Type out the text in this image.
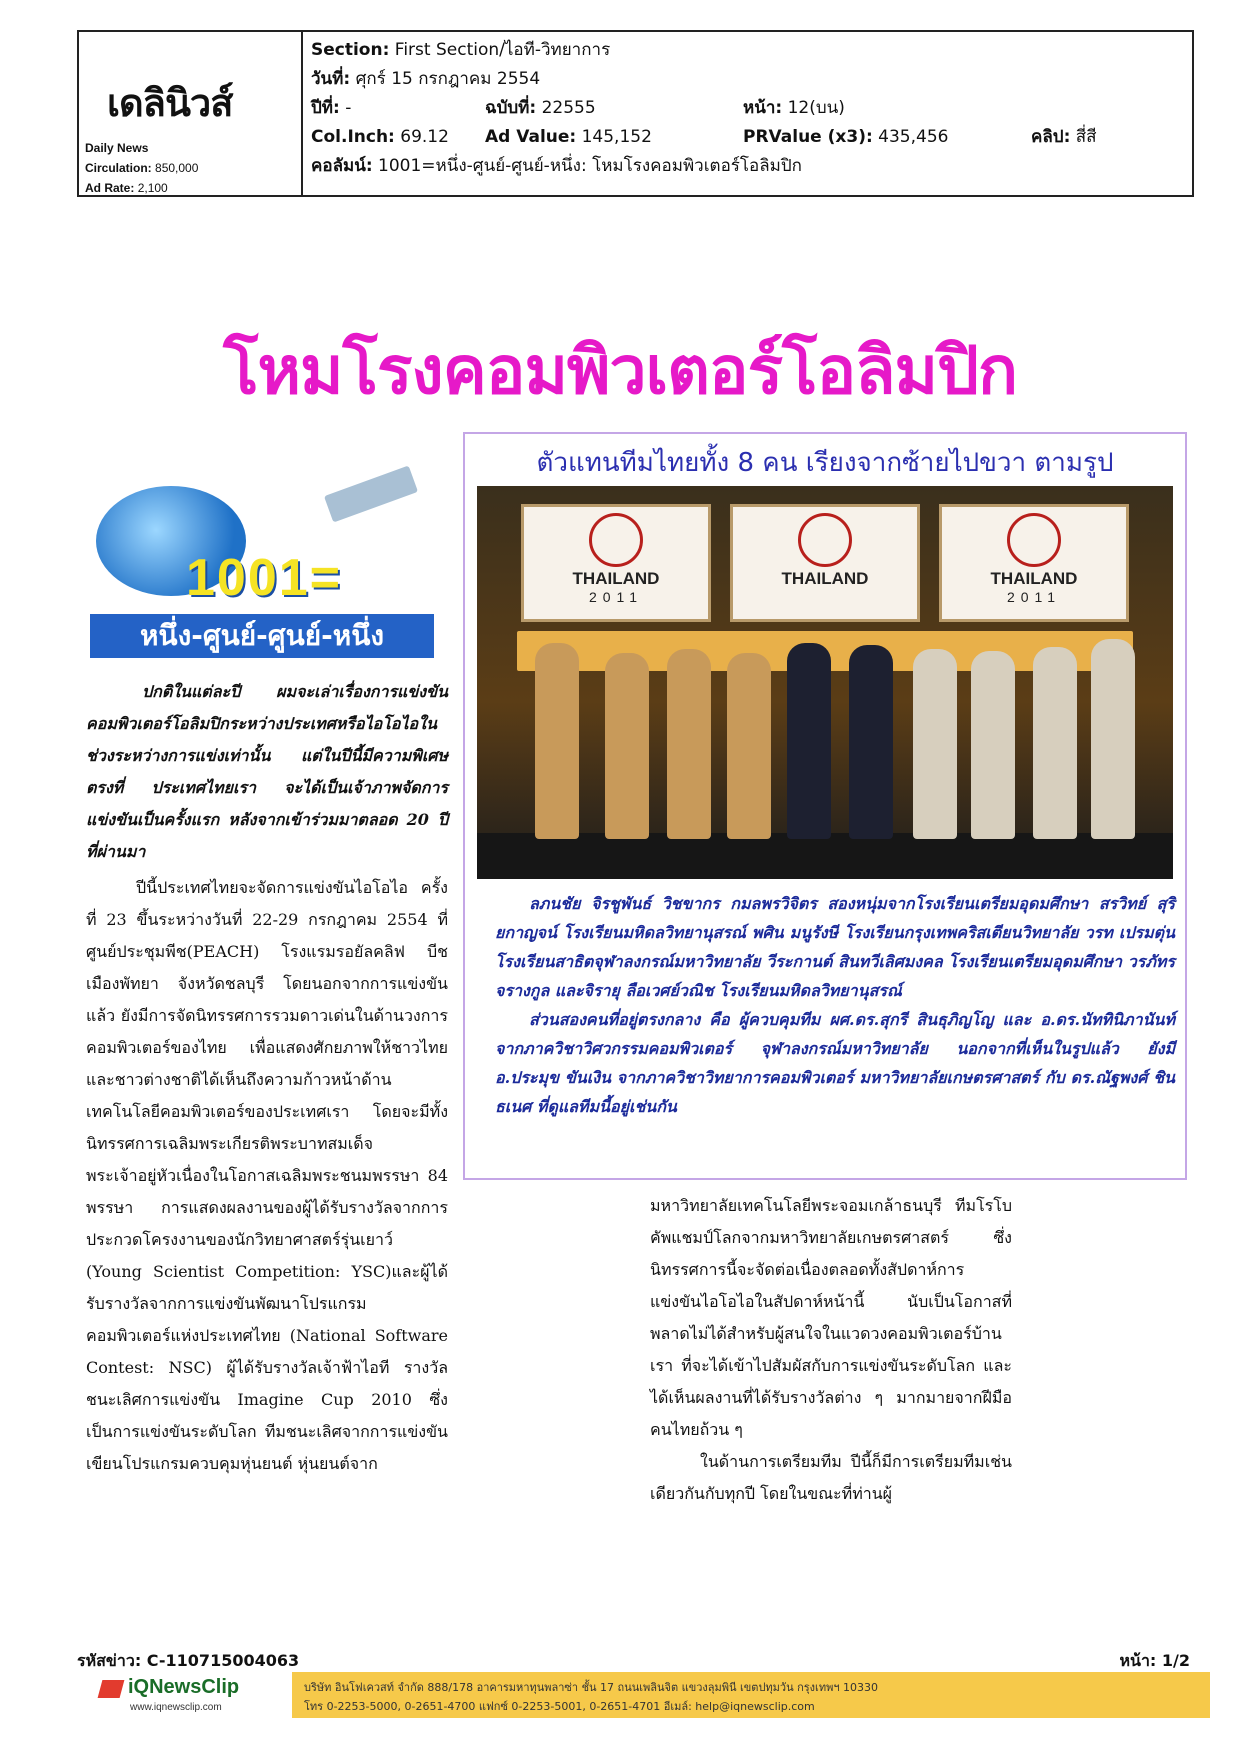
เดลินิวส์
Daily News
Circulation: 850,000
Ad Rate: 2,100
Section: First Section/ไอที-วิทยาการ
วันที่: ศุกร์ 15 กรกฎาคม 2554
ปีที่: -	ฉบับที่: 22555	หน้า: 12(บน)
Col.Inch: 69.12 Ad Value: 145,152	PRValue (x3): 435,456	คลิป: สี่สี
คอลัมน์: 1001=หนึ่ง-ศูนย์-ศูนย์-หนึ่ง: โหมโรงคอมพิวเตอร์โอลิมปิก
โหมโรงคอมพิวเตอร์โอลิมปิก
1001=
หนึ่ง-ศูนย์-ศูนย์-หนึ่ง

ปกติในแต่ละปี ผมจะเล่าเรื่องการแข่งขันคอมพิวเตอร์โอลิมปิกระหว่างประเทศหรือไอโอไอในช่วงระหว่างการแข่งเท่านั้น แต่ในปีนี้มีความพิเศษตรงที่ ประเทศไทยเรา จะได้เป็นเจ้าภาพจัดการแข่งขันเป็นครั้งแรก หลังจากเข้าร่วมมาตลอด 20 ปีที่ผ่านมา

ปีนี้ประเทศไทยจะจัดการแข่งขันไอโอไอ ครั้งที่ 23 ขึ้นระหว่างวันที่ 22-29 กรกฎาคม 2554 ที่ศูนย์ประชุมพีช(PEACH) โรงแรมรอยัลคลิฟ บีช เมืองพัทยา จังหวัดชลบุรี โดยนอกจากการแข่งขันแล้ว ยังมีการจัดนิทรรศการรวมดาวเด่นในด้านวงการคอมพิวเตอร์ของไทย เพื่อแสดงศักยภาพให้ชาวไทยและชาวต่างชาติได้เห็นถึงความก้าวหน้าด้านเทคโนโลยีคอมพิวเตอร์ของประเทศเรา โดยจะมีทั้งนิทรรศการเฉลิมพระเกียรติพระบาทสมเด็จพระเจ้าอยู่หัวเนื่องในโอกาสเฉลิมพระชนมพรรษา 84 พรรษา การแสดงผลงานของผู้ได้รับรางวัลจากการประกวดโครงงานของนักวิทยาศาสตร์รุ่นเยาว์ (Young Scientist Competition: YSC)และผู้ได้รับรางวัลจากการแข่งขันพัฒนาโปรแกรมคอมพิวเตอร์แห่งประเทศไทย (National Software Contest: NSC) ผู้ได้รับรางวัลเจ้าฟ้าไอที รางวัลชนะเลิศการแข่งขัน Imagine Cup 2010 ซึ่งเป็นการแข่งขันระดับโลก ทีมชนะเลิศจากการแข่งขันเขียนโปรแกรมควบคุมหุ่นยนต์ หุ่นยนต์จาก

ตัวแทนทีมไทยทั้ง 8 คน เรียงจากซ้ายไปขวา ตามรูป
THAILAND
2011
THAILAND	THAILAND
2011

ลภนชัย จิรชูพันธ์ วิชขากร กมลพรวิจิตร สองหนุ่มจากโรงเรียนเตรียมอุดมศึกษา สรวิทย์ สุริยกาญจน์ โรงเรียนมหิดลวิทยานุสรณ์ พศิน มนูรังษี โรงเรียนกรุงเทพคริสเตียนวิทยาลัย วรท เปรมตุ่น โรงเรียนสาธิตจุฬาลงกรณ์มหาวิทยาลัย วีระกานต์ สินทวีเลิศมงคล โรงเรียนเตรียมอุดมศึกษา วรภัทร จรางกูล และจิรายุ ลือเวศย์วณิช โรงเรียนมหิดลวิทยานุสรณ์

ส่วนสองคนที่อยู่ตรงกลาง คือ ผู้ควบคุมทีม ผศ.ดร.สุกรี สินธุภิญโญ และ อ.ดร.นัททินิภานันท์ จากภาควิชาวิศวกรรมคอมพิวเตอร์ จุฬาลงกรณ์มหาวิทยาลัย นอกจากที่เห็นในรูปแล้ว ยังมี อ.ประมุข ขันเงิน จากภาควิชาวิทยาการคอมพิวเตอร์ มหาวิทยาลัยเกษตรศาสตร์ กับ ดร.ณัฐพงศ์ ชินธเนศ ที่ดูแลทีมนี้อยู่เช่นกัน

มหาวิทยาลัยเทคโนโลยีพระจอมเกล้าธนบุรี ทีมโรโบคัพแชมป์โลกจากมหาวิทยาลัยเกษตรศาสตร์ ซึ่งนิทรรศการนี้จะจัดต่อเนื่องตลอดทั้งสัปดาห์การแข่งขันไอโอไอในสัปดาห์หน้านี้ นับเป็นโอกาสที่พลาดไม่ได้สำหรับผู้สนใจในแวดวงคอมพิวเตอร์บ้านเรา ที่จะได้เข้าไปสัมผัสกับการแข่งขันระดับโลก และได้เห็นผลงานที่ได้รับรางวัลต่าง ๆ มากมายจากฝีมือคนไทยถ้วน ๆ

ในด้านการเตรียมทีม ปีนี้ก็มีการเตรียมทีมเช่นเดียวกันกับทุกปี โดยในขณะที่ท่านผู้

รหัสข่าว: C-110715004063	หน้า: 1/2
iQNewsClip
www.iqnewsclip.com
บริษัท อินโฟเควสท์ จำกัด 888/178 อาคารมหาทุนพลาซ่า ชั้น 17 ถนนเพลินจิต แขวงลุมพินี เขตปทุมวัน กรุงเทพฯ 10330
โทร 0-2253-5000, 0-2651-4700 แฟกซ์ 0-2253-5001, 0-2651-4701 อีเมล์: help@iqnewsclip.com
